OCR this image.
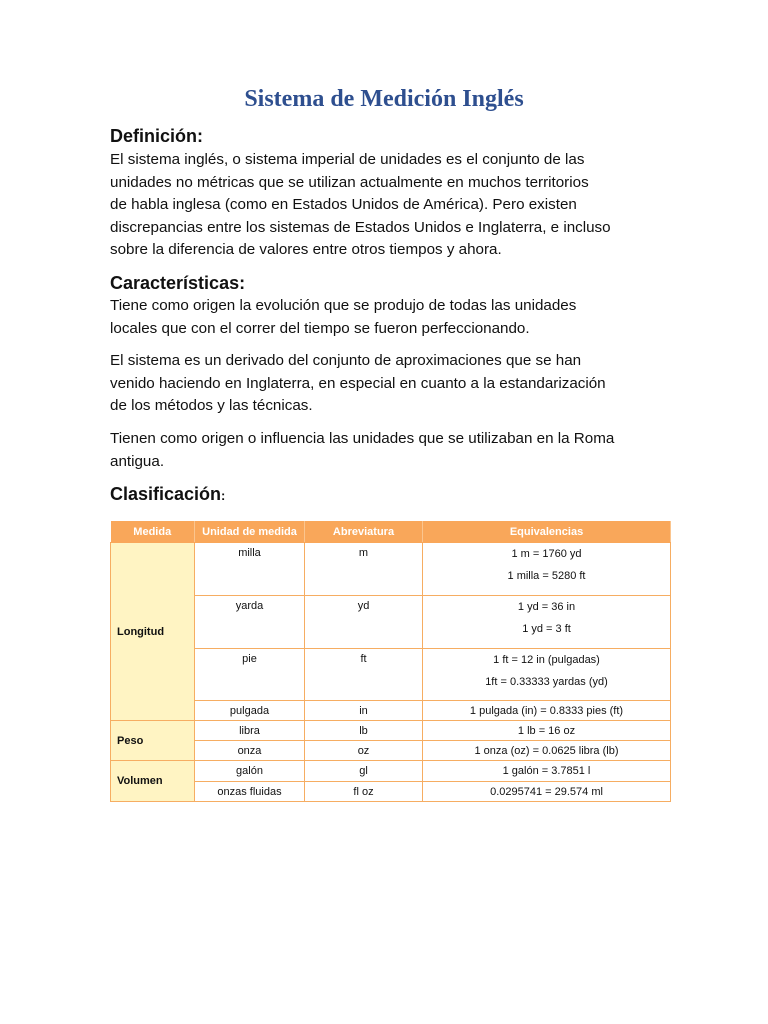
Sistema de Medición Inglés
Definición:
El sistema inglés, o sistema imperial de unidades es el conjunto de las
unidades no métricas que se utilizan actualmente en muchos territorios
de habla inglesa (como en Estados Unidos de América). Pero existen
discrepancias entre los sistemas de Estados Unidos e Inglaterra, e incluso
sobre la diferencia de valores entre otros tiempos y ahora.
Características:
Tiene como origen la evolución que se produjo de todas las unidades
locales que con el correr del tiempo se fueron perfeccionando.
El sistema es un derivado del conjunto de aproximaciones que se han
venido haciendo en Inglaterra, en especial en cuanto a la estandarización
de los métodos y las técnicas.
Tienen como origen o influencia las unidades que se utilizaban en la Roma
antigua.
Clasificación:
Medida	Unidad de medida	Abreviatura	Equivalencias
Longitud	milla	m	1 m = 1760 yd
1 milla = 5280 ft

	yarda	yd	1 yd = 36 in
1 yd = 3 ft

	pie	ft	1 ft = 12 in (pulgadas)
1ft = 0.33333 yardas (yd)

	pulgada	in	1 pulgada (in) = 0.8333 pies (ft)
Peso	libra	lb	1 lb = 16 oz
	onza	oz	1 onza (oz) = 0.0625 libra (lb)
Volumen	galón	gl	1 galón = 3.7851 l
	onzas fluidas	fl oz	0.0295741 = 29.574 ml
